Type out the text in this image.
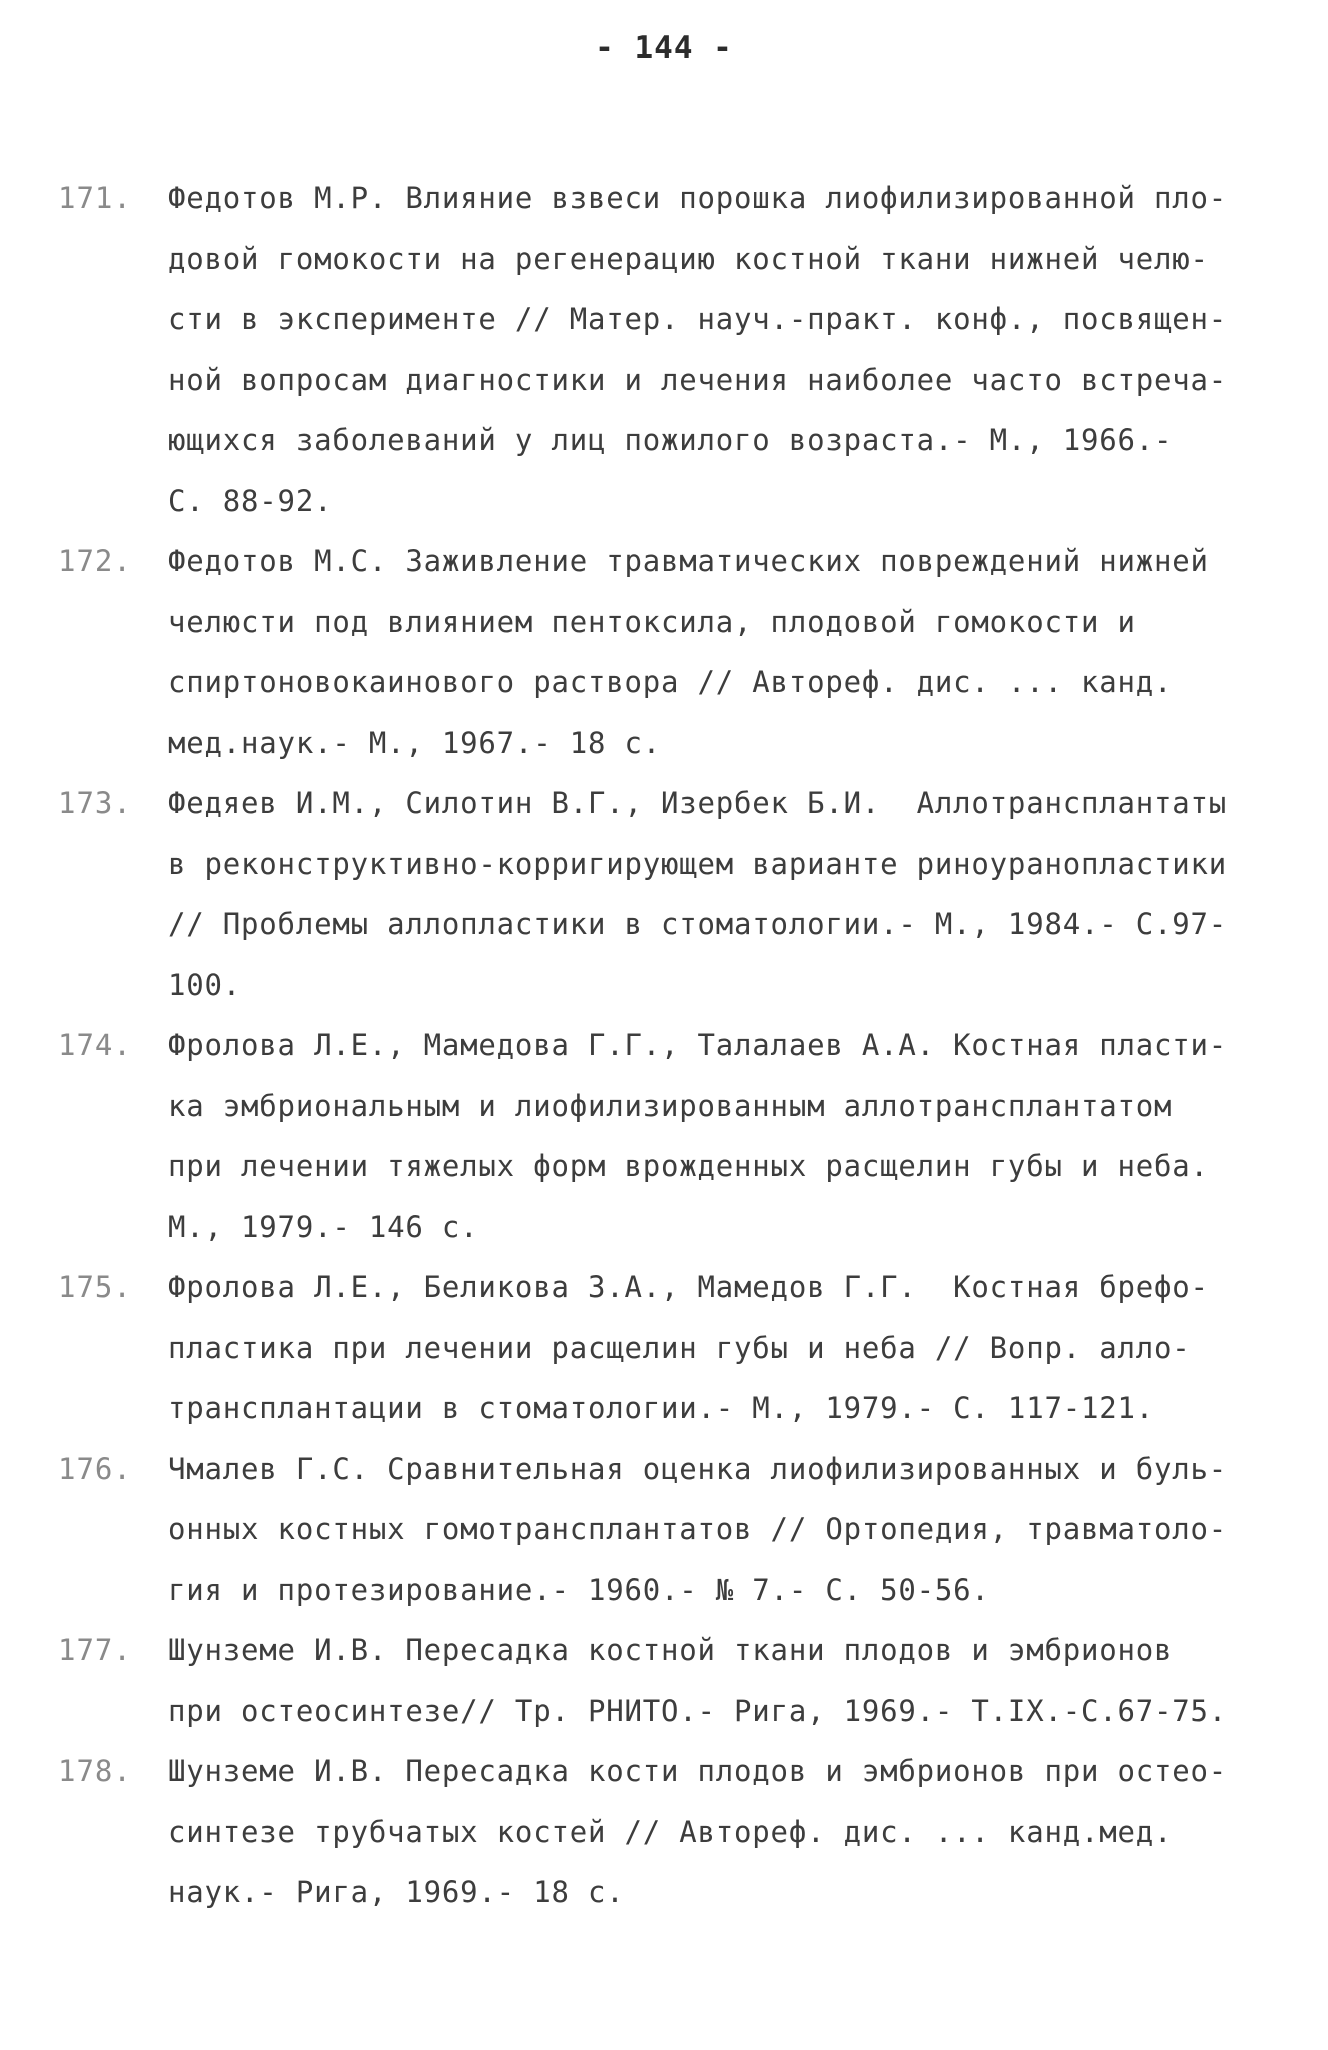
- 144 -
171.	Федотов М.Р. Влияние взвеси порошка лиофилизированной пло-
довой гомокости на регенерацию костной ткани нижней челю-
сти в эксперименте // Матер. науч.-практ. конф., посвящен-
ной вопросам диагностики и лечения наиболее часто встреча-
ющихся заболеваний у лиц пожилого возраста.- М., 1966.-
С. 88-92.
172.	Федотов М.С. Заживление травматических повреждений нижней
челюсти под влиянием пентоксила, плодовой гомокости и
спиртоновокаинового раствора // Автореф. дис. ... канд.
мед.наук.- М., 1967.- 18 с.
173.	Федяев И.М., Силотин В.Г., Изербек Б.И.  Аллотрансплантаты
в реконструктивно-корригирующем варианте риноуранопластики
// Проблемы аллопластики в стоматологии.- М., 1984.- С.97-
100.
174.	Фролова Л.Е., Мамедова Г.Г., Талалаев А.А. Костная пласти-
ка эмбриональным и лиофилизированным аллотрансплантатом
при лечении тяжелых форм врожденных расщелин губы и неба.
М., 1979.- 146 с.
175.	Фролова Л.Е., Беликова З.А., Мамедов Г.Г.  Костная брефо-
пластика при лечении расщелин губы и неба // Вопр. алло-
трансплантации в стоматологии.- М., 1979.- С. 117-121.
176.	Чмалев Г.С. Сравнительная оценка лиофилизированных и буль-
онных костных гомотрансплантатов // Ортопедия, травматоло-
гия и протезирование.- 1960.- № 7.- С. 50-56.
177.	Шунземе И.В. Пересадка костной ткани плодов и эмбрионов
при остеосинтезе// Тр. РНИТО.- Рига, 1969.- Т.IX.-С.67-75.
178.	Шунземе И.В. Пересадка кости плодов и эмбрионов при остео-
синтезе трубчатых костей // Автореф. дис. ... канд.мед.
наук.- Рига, 1969.- 18 с.
